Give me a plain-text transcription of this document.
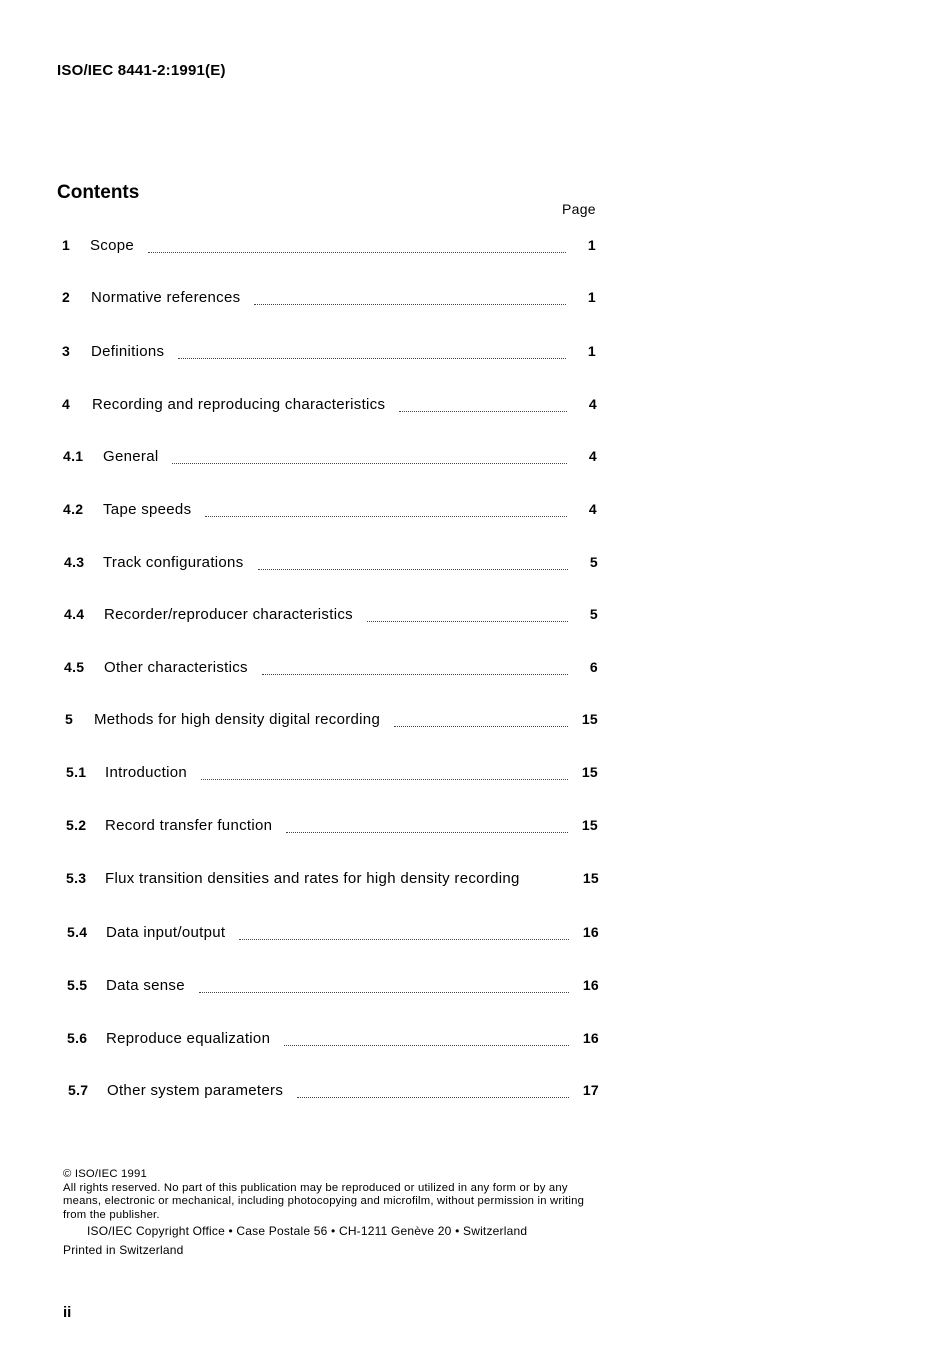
ISO/IEC 8441-2:1991(E)
Contents
Page
1	Scope	1
2	Normative references	1
3	Definitions	1
4	Recording and reproducing characteristics	4
4.1	General	4
4.2	Tape speeds	4
4.3	Track configurations	5
4.4	Recorder/reproducer characteristics	5
4.5	Other characteristics	6
5	Methods for high density digital recording	15
5.1	Introduction	15
5.2	Record transfer function	15
5.3	Flux transition densities and rates for high density recording	15
5.4	Data input/output	16
5.5	Data sense	16
5.6	Reproduce equalization	16
5.7	Other system parameters	17

© ISO/IEC 1991

All rights reserved. No part of this publication may be reproduced or utilized in any form or by any means, electronic or mechanical, including photocopying and microfilm, without permission in writing from the publisher.

ISO/IEC Copyright Office • Case Postale 56 • CH-1211 Genève 20 • Switzerland

Printed in Switzerland

ii
